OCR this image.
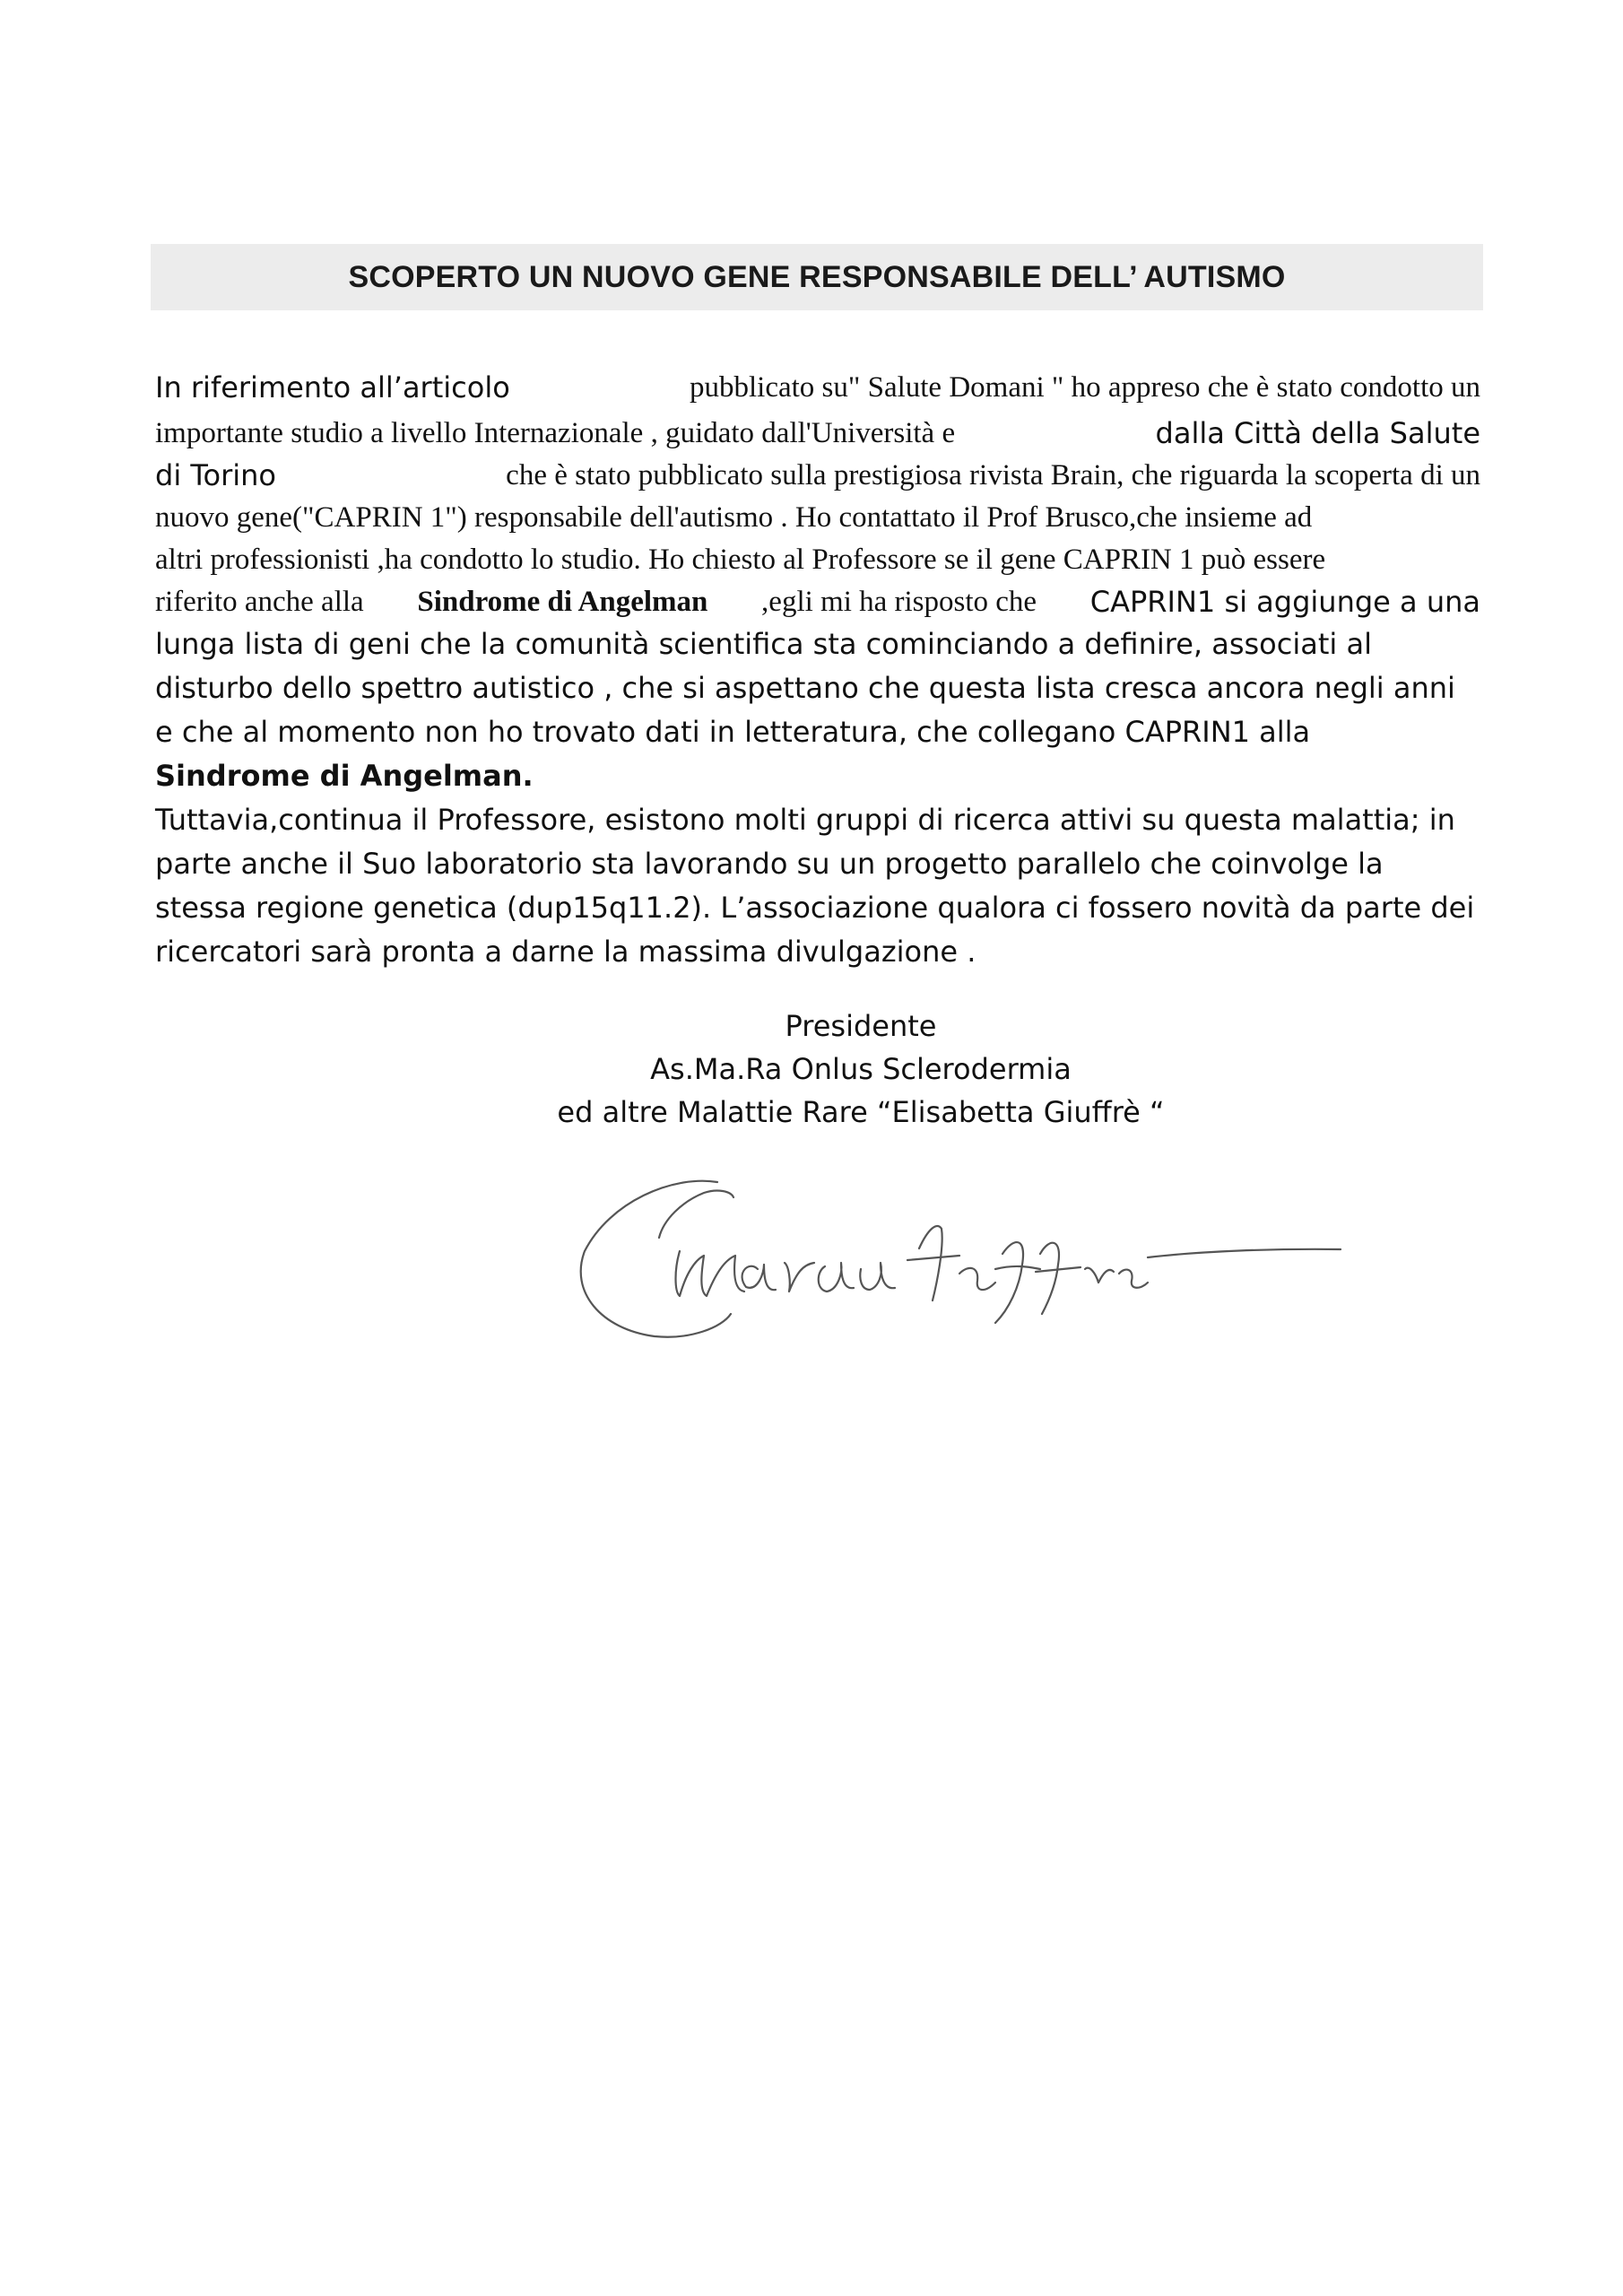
SCOPERTO UN NUOVO GENE RESPONSABILE DELL’ AUTISMO
In riferimento all’articolo	pubblicato su" Salute Domani " ho appreso che è stato condotto un
importante studio a livello Internazionale , guidato dall'Università e	dalla Città della Salute
di Torino	che è stato pubblicato sulla prestigiosa rivista Brain, che riguarda la scoperta di un
nuovo gene("CAPRIN 1") responsabile dell'autismo . Ho contattato il Prof Brusco,che insieme ad
altri professionisti ,ha condotto lo studio. Ho chiesto al Professore se il gene CAPRIN 1 può essere
riferito anche alla Sindrome di Angelman ,egli mi ha risposto che CAPRIN1 si aggiunge a una
lunga lista di geni che la comunità scientifica sta cominciando a definire, associati al
disturbo dello spettro autistico , che si aspettano che questa lista cresca ancora negli anni
e che al momento non ho trovato dati in letteratura, che collegano CAPRIN1 alla
Sindrome di Angelman.
Tuttavia,continua il Professore, esistono molti gruppi di ricerca attivi su questa malattia; in
parte anche il Suo laboratorio sta lavorando su un progetto parallelo che coinvolge la
stessa regione genetica (dup15q11.2). L’associazione qualora ci fossero novità da parte dei
ricercatori sarà pronta a darne la massima divulgazione .
Presidente
As.Ma.Ra Onlus Sclerodermia
ed altre Malattie Rare “Elisabetta Giuffrè “
